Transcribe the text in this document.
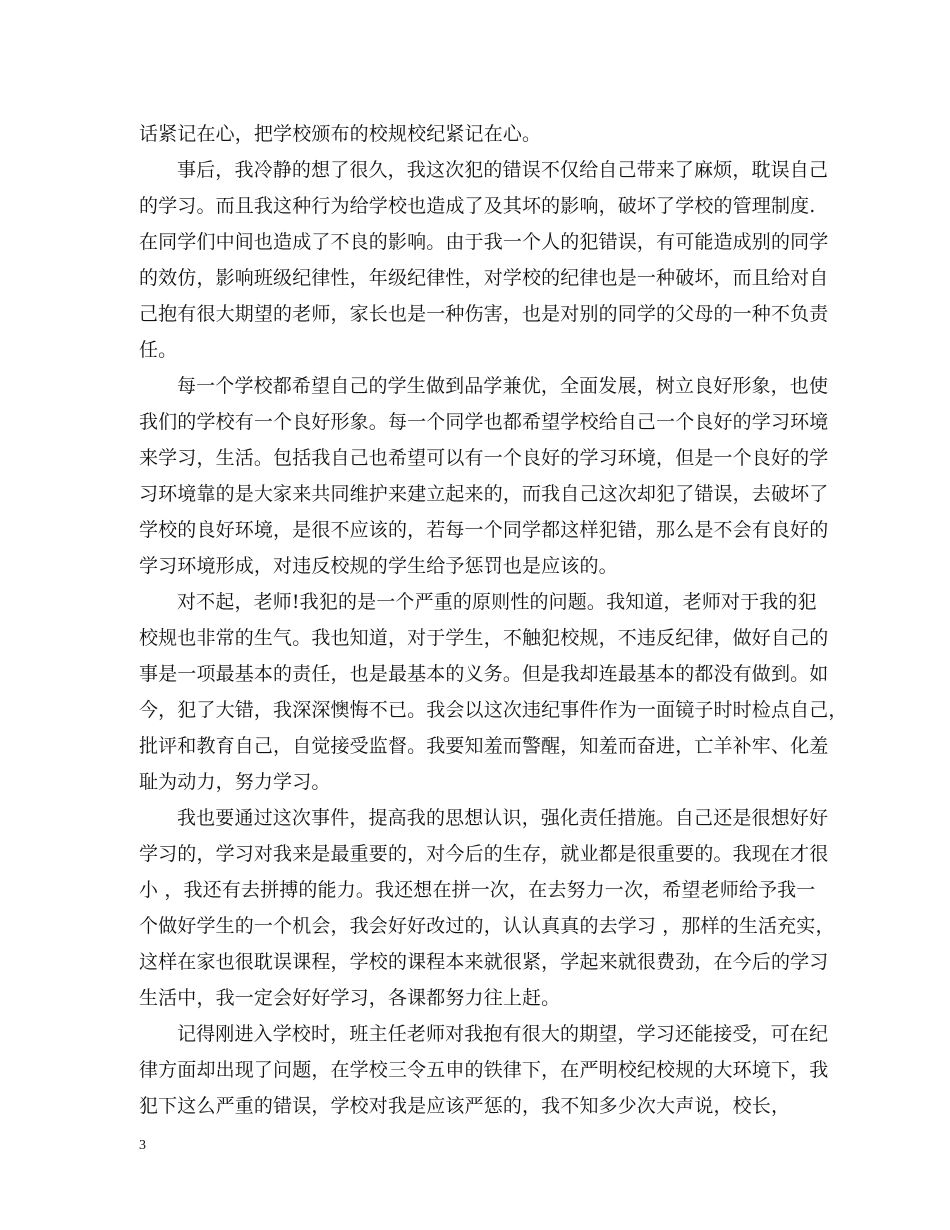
话紧记在心，把学校颁布的校规校纪紧记在心。
事后，我冷静的想了很久，我这次犯的错误不仅给自己带来了麻烦，耽误自己
的学习。而且我这种行为给学校也造成了及其坏的影响，破坏了学校的管理制度.
在同学们中间也造成了不良的影响。由于我一个人的犯错误，有可能造成别的同学
的效仿，影响班级纪律性，年级纪律性，对学校的纪律也是一种破坏，而且给对自
己抱有很大期望的老师，家长也是一种伤害，也是对别的同学的父母的一种不负责
任。
每一个学校都希望自己的学生做到品学兼优，全面发展，树立良好形象，也使
我们的学校有一个良好形象。每一个同学也都希望学校给自己一个良好的学习环境
来学习，生活。包括我自己也希望可以有一个良好的学习环境，但是一个良好的学
习环境靠的是大家来共同维护来建立起来的，而我自己这次却犯了错误，去破坏了
学校的良好环境，是很不应该的，若每一个同学都这样犯错，那么是不会有良好的
学习环境形成，对违反校规的学生给予惩罚也是应该的。
对不起，老师!我犯的是一个严重的原则性的问题。我知道，老师对于我的犯
校规也非常的生气。我也知道，对于学生，不触犯校规，不违反纪律，做好自己的
事是一项最基本的责任，也是最基本的义务。但是我却连最基本的都没有做到。如
今，犯了大错，我深深懊悔不已。我会以这次违纪事件作为一面镜子时时检点自己，
批评和教育自己，自觉接受监督。我要知羞而警醒，知羞而奋进，亡羊补牢、化羞
耻为动力，努力学习。
我也要通过这次事件，提高我的思想认识，强化责任措施。自己还是很想好好
学习的，学习对我来是最重要的，对今后的生存，就业都是很重要的。我现在才很
小 ，我还有去拼搏的能力。我还想在拼一次，在去努力一次，希望老师给予我一
个做好学生的一个机会，我会好好改过的，认认真真的去学习 ，那样的生活充实，
这样在家也很耽误课程，学校的课程本来就很紧，学起来就很费劲，在今后的学习
生活中，我一定会好好学习，各课都努力往上赶。
记得刚进入学校时，班主任老师对我抱有很大的期望，学习还能接受，可在纪
律方面却出现了问题，在学校三令五申的铁律下，在严明校纪校规的大环境下，我
犯下这么严重的错误，学校对我是应该严惩的，我不知多少次大声说，校长，
3
